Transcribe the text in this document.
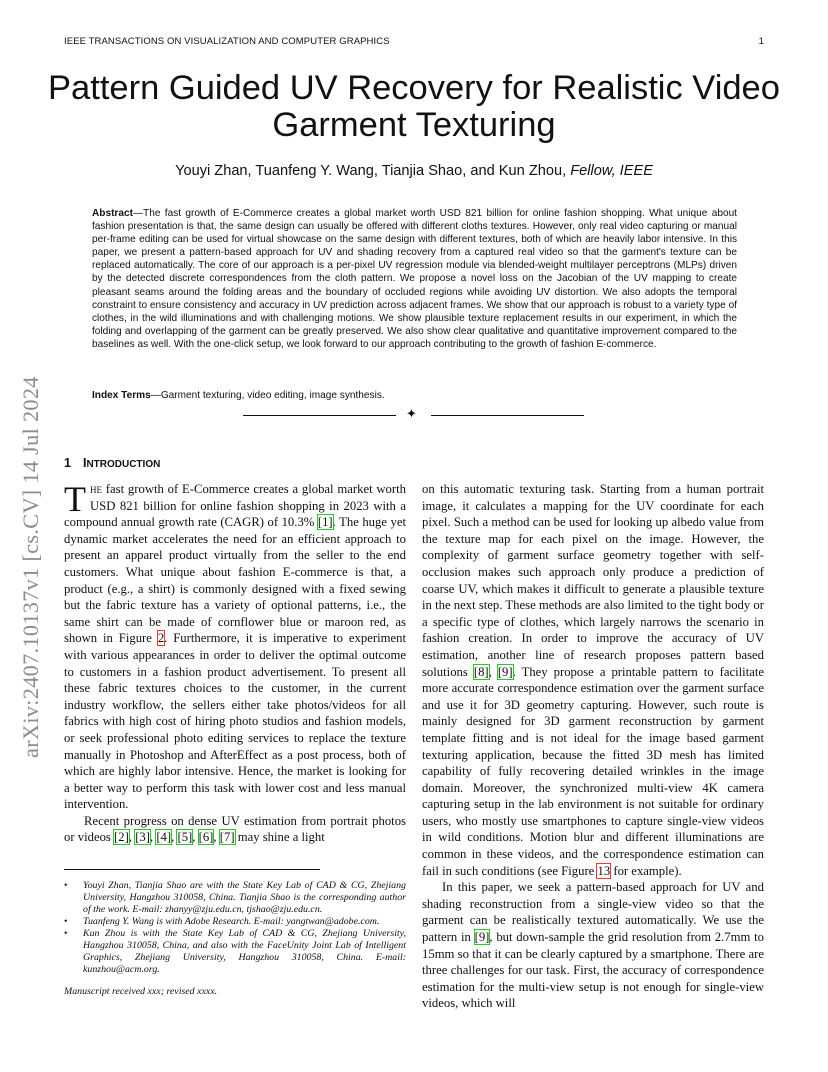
IEEE TRANSACTIONS ON VISUALIZATION AND COMPUTER GRAPHICS	1
arXiv:2407.10137v1 [cs.CV] 14 Jul 2024
Pattern Guided UV Recovery for Realistic Video Garment Texturing
Youyi Zhan, Tuanfeng Y. Wang, Tianjia Shao, and Kun Zhou, Fellow, IEEE
Abstract—The fast growth of E-Commerce creates a global market worth USD 821 billion for online fashion shopping. What unique about fashion presentation is that, the same design can usually be offered with different cloths textures. However, only real video capturing or manual per-frame editing can be used for virtual showcase on the same design with different textures, both of which are heavily labor intensive. In this paper, we present a pattern-based approach for UV and shading recovery from a captured real video so that the garment's texture can be replaced automatically. The core of our approach is a per-pixel UV regression module via blended-weight multilayer perceptrons (MLPs) driven by the detected discrete correspondences from the cloth pattern. We propose a novel loss on the Jacobian of the UV mapping to create pleasant seams around the folding areas and the boundary of occluded regions while avoiding UV distortion. We also adopts the temporal constraint to ensure consistency and accuracy in UV prediction across adjacent frames. We show that our approach is robust to a variety type of clothes, in the wild illuminations and with challenging motions. We show plausible texture replacement results in our experiment, in which the folding and overlapping of the garment can be greatly preserved. We also show clear qualitative and quantitative improvement compared to the baselines as well. With the one-click setup, we look forward to our approach contributing to the growth of fashion E-commerce.
Index Terms—Garment texturing, video editing, image synthesis.
✦
1 INTRODUCTION

The fast growth of E-Commerce creates a global market worth USD 821 billion for online fashion shopping in 2023 with a compound annual growth rate (CAGR) of 10.3% [1]. The huge yet dynamic market accelerates the need for an efficient approach to present an apparel product virtually from the seller to the end customers. What unique about fashion E-commerce is that, a product (e.g., a shirt) is commonly designed with a fixed sewing but the fabric texture has a variety of optional patterns, i.e., the same shirt can be made of cornflower blue or maroon red, as shown in Figure 2. Furthermore, it is imperative to experiment with various appearances in order to deliver the optimal outcome to customers in a fashion product advertisement. To present all these fabric textures choices to the customer, in the current industry workflow, the sellers either take photos/videos for all fabrics with high cost of hiring photo studios and fashion models, or seek professional photo editing services to replace the texture manually in Photoshop and AfterEffect as a post process, both of which are highly labor intensive. Hence, the market is looking for a better way to perform this task with lower cost and less manual intervention.

Recent progress on dense UV estimation from portrait photos or videos [2], [3], [4], [5], [6], [7] may shine a light

• Youyi Zhan, Tianjia Shao are with the State Key Lab of CAD & CG, Zhejiang University, Hangzhou 310058, China. Tianjia Shao is the corresponding author of the work. E-mail: zhanyy@zju.edu.cn, tjshao@zju.edu.cn.
• Tuanfeng Y. Wang is with Adobe Research. E-mail: yangtwan@adobe.com.
• Kun Zhou is with the State Key Lab of CAD & CG, Zhejiang University, Hangzhou 310058, China, and also with the FaceUnity Joint Lab of Intelligent Graphics, Zhejiang University, Hangzhou 310058, China. E-mail: kunzhou@acm.org.
Manuscript received xxx; revised xxxx.

on this automatic texturing task. Starting from a human portrait image, it calculates a mapping for the UV coordinate for each pixel. Such a method can be used for looking up albedo value from the texture map for each pixel on the image. However, the complexity of garment surface geometry together with self-occlusion makes such approach only produce a prediction of coarse UV, which makes it difficult to generate a plausible texture in the next step. These methods are also limited to the tight body or a specific type of clothes, which largely narrows the scenario in fashion creation. In order to improve the accuracy of UV estimation, another line of research proposes pattern based solutions [8], [9]. They propose a printable pattern to facilitate more accurate correspondence estimation over the garment surface and use it for 3D geometry capturing. However, such route is mainly designed for 3D garment reconstruction by garment template fitting and is not ideal for the image based garment texturing application, because the fitted 3D mesh has limited capability of fully recovering detailed wrinkles in the image domain. Moreover, the synchronized multi-view 4K camera capturing setup in the lab environment is not suitable for ordinary users, who mostly use smartphones to capture single-view videos in wild conditions. Motion blur and different illuminations are common in these videos, and the correspondence estimation can fail in such conditions (see Figure 13 for example).

In this paper, we seek a pattern-based approach for UV and shading reconstruction from a single-view video so that the garment can be realistically textured automatically. We use the pattern in [9], but down-sample the grid resolution from 2.7mm to 15mm so that it can be clearly captured by a smartphone. There are three challenges for our task. First, the accuracy of correspondence estimation for the multi-view setup is not enough for single-view videos, which will
